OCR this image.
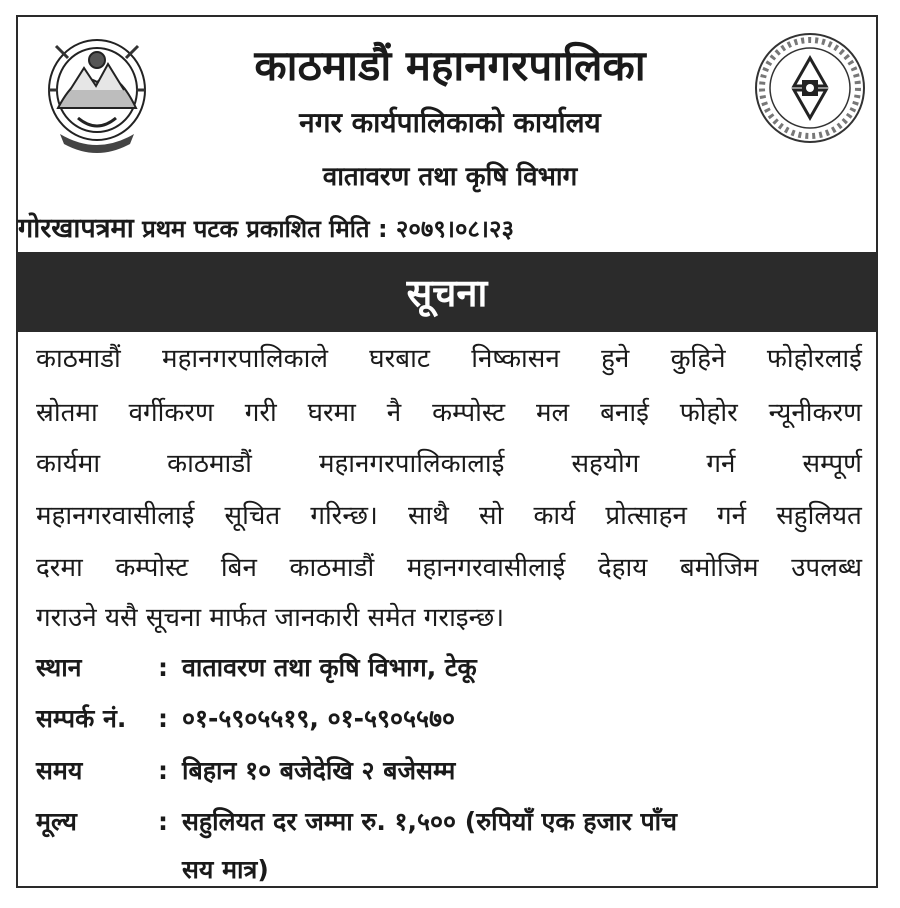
काठमाडौं महानगरपालिका
नगर कार्यपालिकाको कार्यालय
वातावरण तथा कृषि विभाग
गोरखापत्रमा प्रथम पटक प्रकाशित मिति : २०७९।०८।२३
सूचना
काठमाडौं महानगरपालिकाले घरबाट निष्कासन हुने कुहिने फोहोरलाई
स्रोतमा वर्गीकरण गरी घरमा नै कम्पोस्ट मल बनाई फोहोर न्यूनीकरण
कार्यमा	काठमाडौं	महानगरपालिकालाई	सहयोग	गर्न	सम्पूर्ण
महानगरवासीलाई सूचित गरिन्छ। साथै सो कार्य प्रोत्साहन गर्न सहुलियत
दरमा कम्पोस्ट बिन काठमाडौं महानगरवासीलाई देहाय बमोजिम उपलब्ध
गराउने यसै सूचना मार्फत जानकारी समेत गराइन्छ।
स्थान	: वातावरण तथा कृषि विभाग, टेकू
सम्पर्क नं. : ०१-५९०५५१९, ०१-५९०५५७०
समय	: बिहान १० बजेदेखि २ बजेसम्म
मूल्य	: सहुलियत दर जम्मा रु. १,५०० (रुपियाँ एक हजार पाँच
सय मात्र)
